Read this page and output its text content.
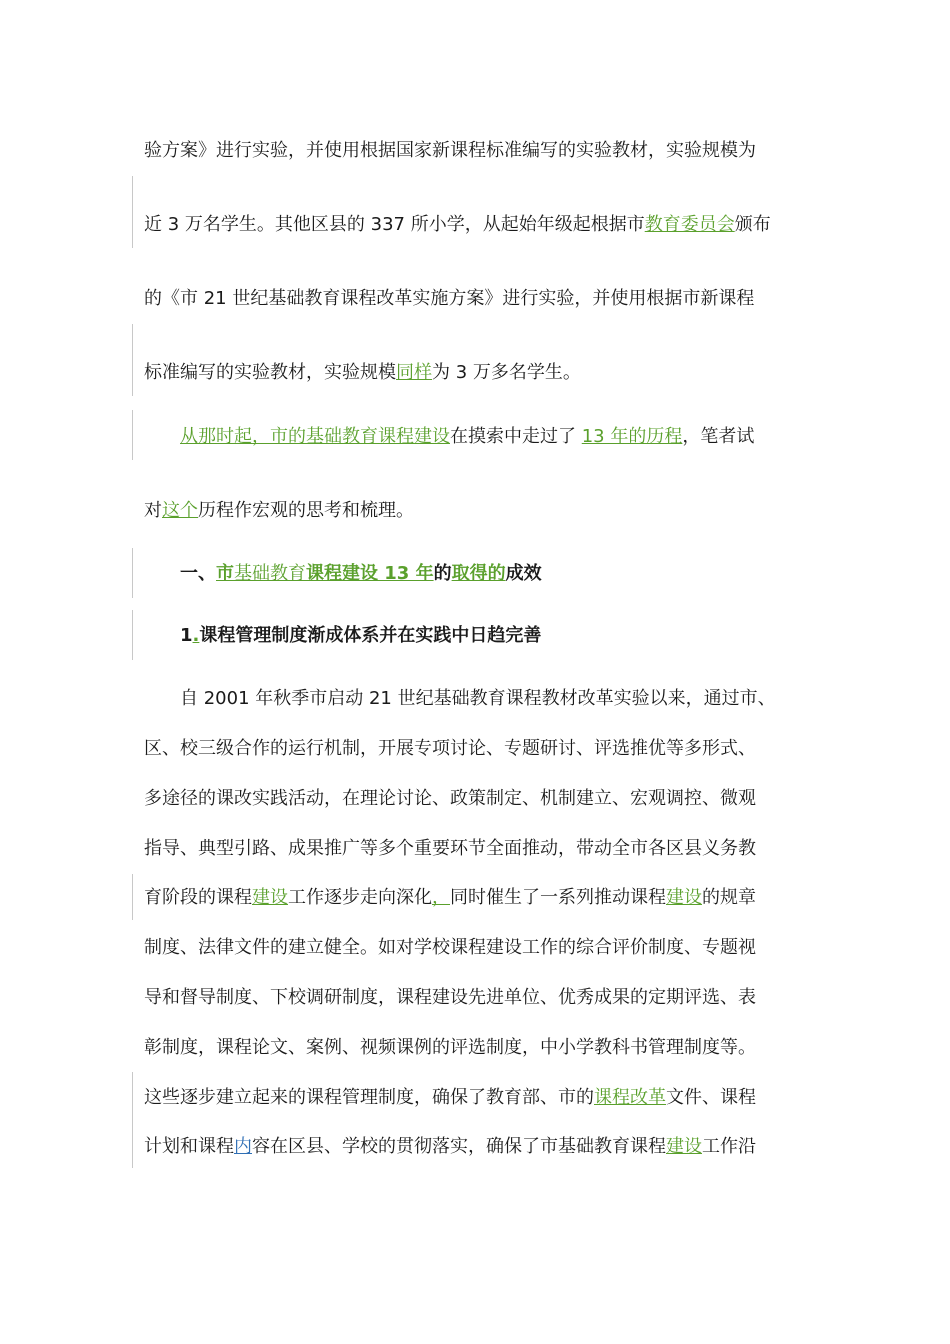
验方案》进行实验，并使用根据国家新课程标准编写的实验教材，实验规模为
近 3 万名学生。其他区县的 337 所小学，从起始年级起根据市教育委员会颁布
的《市 21 世纪基础教育课程改革实施方案》进行实验，并使用根据市新课程
标准编写的实验教材，实验规模同样为 3 万多名学生。
从那时起，市的基础教育课程建设在摸索中走过了 13 年的历程，笔者试
对这个历程作宏观的思考和梳理。
一、市基础教育课程建设 13 年的取得的成效
1.课程管理制度渐成体系并在实践中日趋完善
自 2001 年秋季市启动 21 世纪基础教育课程教材改革实验以来，通过市、
区、校三级合作的运行机制，开展专项讨论、专题研讨、评选推优等多形式、
多途径的课改实践活动，在理论讨论、政策制定、机制建立、宏观调控、微观
指导、典型引路、成果推广等多个重要环节全面推动，带动全市各区县义务教
育阶段的课程建设工作逐步走向深化，同时催生了一系列推动课程建设的规章
制度、法律文件的建立健全。如对学校课程建设工作的综合评价制度、专题视
导和督导制度、下校调研制度，课程建设先进单位、优秀成果的定期评选、表
彰制度，课程论文、案例、视频课例的评选制度，中小学教科书管理制度等。
这些逐步建立起来的课程管理制度，确保了教育部、市的课程改革文件、课程
计划和课程内容在区县、学校的贯彻落实，确保了市基础教育课程建设工作沿
